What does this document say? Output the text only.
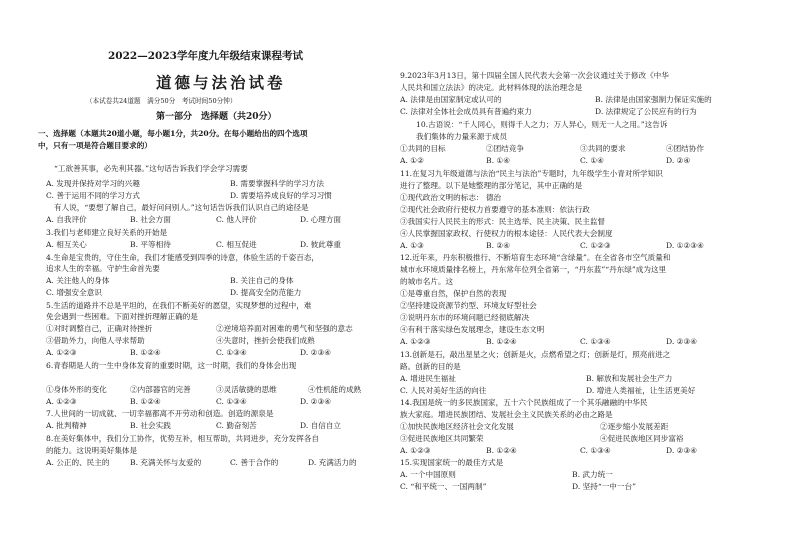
2022—2023学年度九年级结束课程考试
道德与法治试卷
（本试卷共24道题　满分50分　考试时间50分钟）
第一部分　选择题（共20分）
一、选择题（本题共20道小题，每小题1分，共20分。在每小题给出的四个选项
中，只有一项是符合题目要求的）
“工欲善其事，必先利其器。”这句话告诉我们学会学习需要
A. 发现并保持对学习的兴趣	B. 需要掌握科学的学习方法
C. 善于运用不同的学习方式	D. 需要培养成良好的学习习惯
有人说，“要想了解自己，最好问问别人。”这句话告诉我们认识自己的途径是
A. 自我评价	B. 社会方面	C. 他人评价	D. 心理方面
3.我们与老师建立良好关系的开始是
A. 相互关心	B. 平等相待	C. 相互促进	D. 彼此尊重
4.生命是宝贵的，守住生命，我们才能感受到四季的诗意，体验生活的千姿百态，
追求人生的幸福。守护生命首先要
A. 关注他人的身体	B. 关注自己的身体
C. 增强安全意识	D. 提高安全防范能力
5.生活的道路并不总是平坦的，在我们不断美好的愿望，实现梦想的过程中，难
免会遇到一些困难。下面对挫折理解正确的是
①对时调整自己，正确对待挫折	②逆境培养面对困难的勇气和坚强的意志
③借助外力，向他人寻求帮助	④失意时，挫折会使我们成熟
A. ①②③	B. ①②④	C. ①③④	D. ②③④
6.青春期是人的一生中身体发育的重要时期，这一时期，我们的身体会出现
①身体外形的变化	②内部器官的完善	③灵活敏捷的思维	④性机能的成熟
A. ①②③	B. ①②④	C. ①③④	D. ②③④
7.人世间的一切成就、一切幸福都离不开劳动和创造。创造的源泉是
A. 批判精神	B. 社会实践	C. 勤奋刻苦	D. 自信自立
8.在美好集体中，我们分工协作，优势互补，相互帮助，共同进步，充分发挥各自
的能力。这说明美好集体是
A. 公正的、民主的	B. 充满关怀与友爱的	C. 善于合作的	D. 充满活力的
9.2023年3月13日，第十四届全国人民代表大会第一次会议通过关于修改《中华
人民共和国立法法》的决定。此材料体现的法治理念是
A. 法律是由国家制定或认可的	B. 法律是由国家强制力保证实施的
C. 法律对全体社会成员具有普遍约束力	D. 法律规定了公民应有的行为
10.古语说：“千人同心，则得千人之力；万人异心，则无一人之用。”这告诉
我们集体的力量来源于成员
①共同的目标	②团结竞争	③共同的要求	④团结协作
A. ①②	B. ①④	C. ①④	D. ②④
11.在复习九年级道德与法治“民主与法治”专题时，九年级学生小青对所学知识
进行了整理。以下是她整理的部分笔记，其中正确的是
①现代政治文明的标志： 德治
②现代社会政府行使权力首要遵守的基本准则：依法行政
③我国实行人民民主的形式：民主选举、民主决策、民主监督
④人民掌握国家政权、行使权力的根本途径：人民代表大会制度
A. ①③	B. ②④	C. ①②③	D. ①②③④
12.近年来，丹东积极推行、不断培育生态环境“含绿量”。在全省各市空气质量和
城市水环境质量排名榜上，丹东常年位列全省第一，“丹东蓝”“丹东绿”成为这里
的城市名片。这
①是尊重自然，保护自然的表现
②坚持建设资源节约型、环境友好型社会
③说明丹东市的环境问题已经彻底解决
④有利于落实绿色发展理念，建设生态文明
A. ①②③	B. ①②④	C. ①③④	D. ②③④
13.创新是石，敲出星星之火；创新是火，点燃希望之灯；创新是灯，照亮前进之
路。创新的目的是
A. 增进民生福祉	B. 解放和发展社会生产力
C. 人民对美好生活的向往	D. 增进人类福祉，让生活更美好
14.我国是统一的多民族国家，五十六个民族组成了一个其乐融融的中华民
族大家庭。增进民族团结、发展社会主义民族关系的必由之路是
①加快民族地区经济社会文化发展	②逐步缩小发展差距
③促进民族地区共同繁荣	④促进民族地区同步富裕
A. ①②③	B. ①②④	C. ①③④	D. ②③④
15.实现国家统一的最佳方式是
A. 一个中国原则	B. 武力统一
C. “和平统一、一国两制”	D. 坚持“一中一台”
